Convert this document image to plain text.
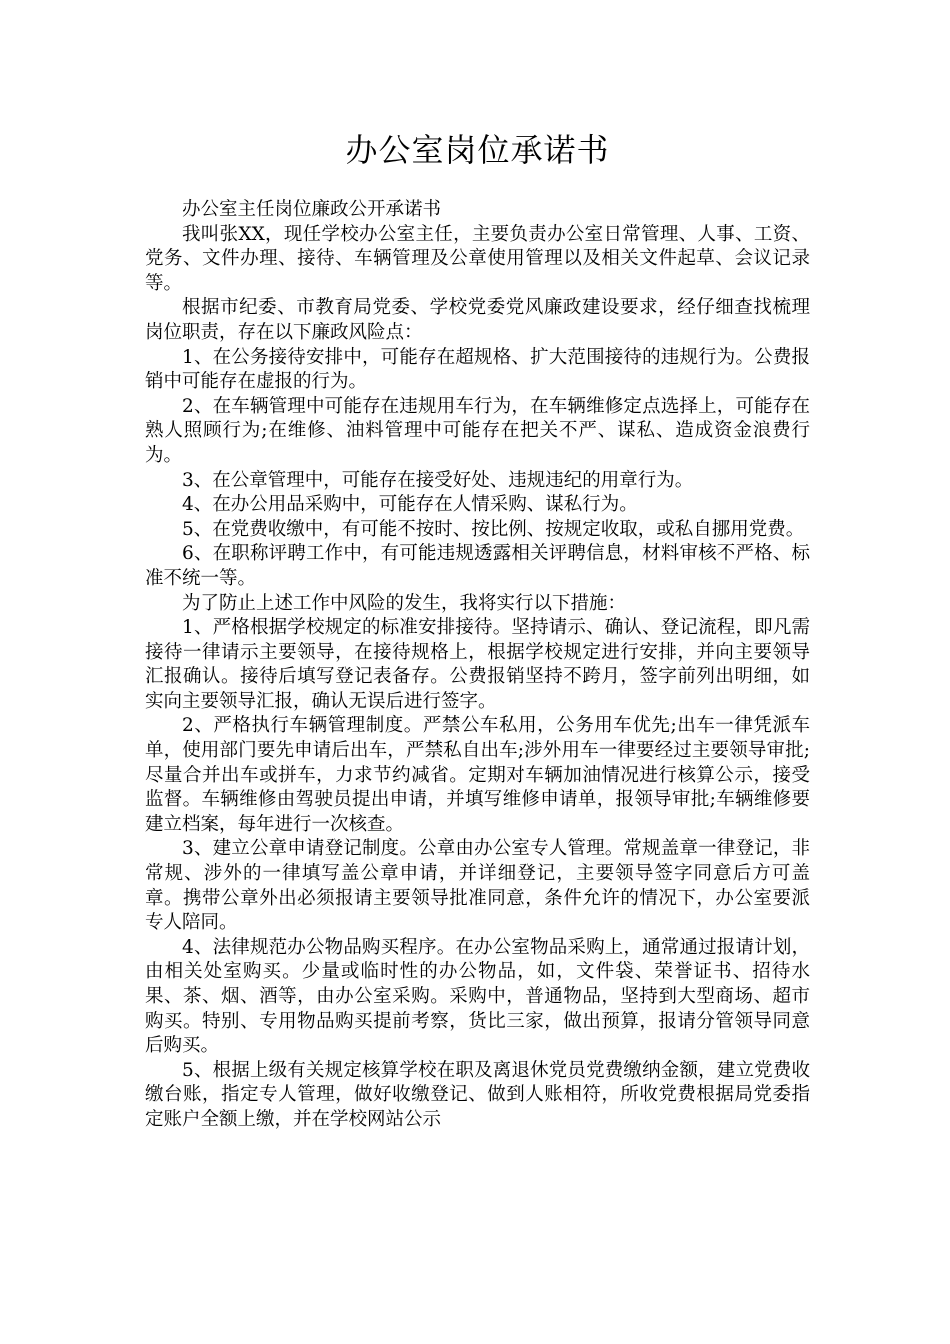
办公室岗位承诺书

办公室主任岗位廉政公开承诺书

我叫张XX，现任学校办公室主任，主要负责办公室日常管理、人事、工资、党务、文件办理、接待、车辆管理及公章使用管理以及相关文件起草、会议记录等。

根据市纪委、市教育局党委、学校党委党风廉政建设要求，经仔细查找梳理岗位职责，存在以下廉政风险点：

1、在公务接待安排中，可能存在超规格、扩大范围接待的违规行为。公费报销中可能存在虚报的行为。

2、在车辆管理中可能存在违规用车行为，在车辆维修定点选择上，可能存在熟人照顾行为;在维修、油料管理中可能存在把关不严、谋私、造成资金浪费行为。

3、在公章管理中，可能存在接受好处、违规违纪的用章行为。

4、在办公用品采购中，可能存在人情采购、谋私行为。

5、在党费收缴中，有可能不按时、按比例、按规定收取，或私自挪用党费。

6、在职称评聘工作中，有可能违规透露相关评聘信息，材料审核不严格、标准不统一等。

为了防止上述工作中风险的发生，我将实行以下措施：

1、严格根据学校规定的标准安排接待。坚持请示、确认、登记流程，即凡需接待一律请示主要领导，在接待规格上，根据学校规定进行安排，并向主要领导汇报确认。接待后填写登记表备存。公费报销坚持不跨月，签字前列出明细，如实向主要领导汇报，确认无误后进行签字。

2、严格执行车辆管理制度。严禁公车私用，公务用车优先;出车一律凭派车单，使用部门要先申请后出车，严禁私自出车;涉外用车一律要经过主要领导审批;尽量合并出车或拼车，力求节约减省。定期对车辆加油情况进行核算公示，接受监督。车辆维修由驾驶员提出申请，并填写维修申请单，报领导审批;车辆维修要建立档案，每年进行一次核查。

3、建立公章申请登记制度。公章由办公室专人管理。常规盖章一律登记，非常规、涉外的一律填写盖公章申请，并详细登记，主要领导签字同意后方可盖章。携带公章外出必须报请主要领导批准同意，条件允许的情况下，办公室要派专人陪同。

4、法律规范办公物品购买程序。在办公室物品采购上，通常通过报请计划，由相关处室购买。少量或临时性的办公物品，如，文件袋、荣誉证书、招待水果、茶、烟、酒等，由办公室采购。采购中，普通物品，坚持到大型商场、超市购买。特别、专用物品购买提前考察，货比三家，做出预算，报请分管领导同意后购买。

5、根据上级有关规定核算学校在职及离退休党员党费缴纳金额，建立党费收缴台账，指定专人管理，做好收缴登记、做到人账相符，所收党费根据局党委指定账户全额上缴，并在学校网站公示
